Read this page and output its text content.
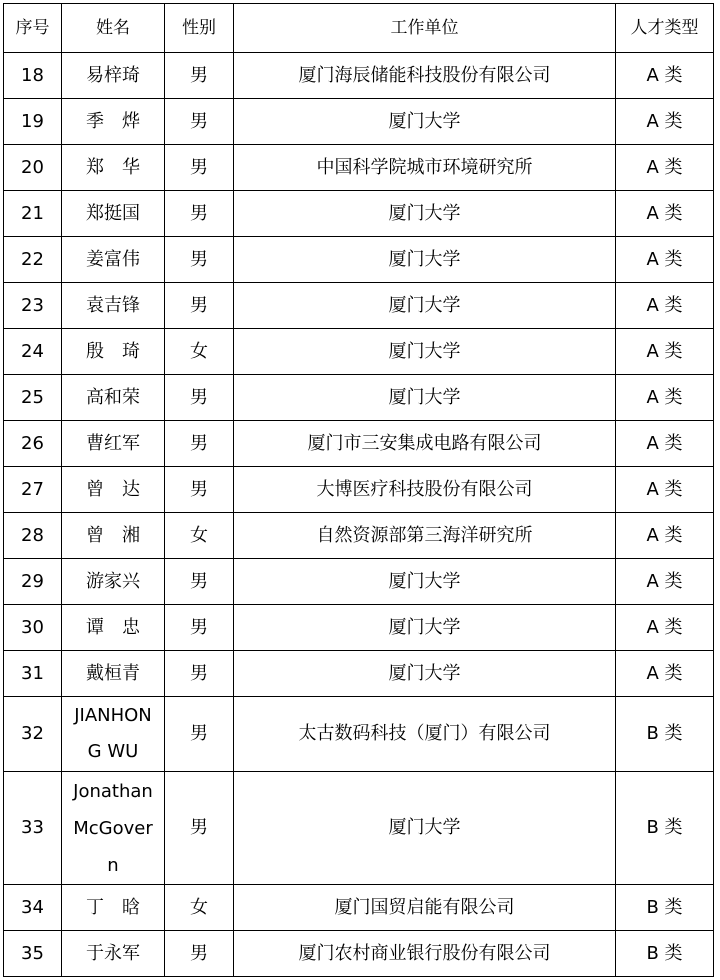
序号	姓名	性别	工作单位	人才类型
18	易梓琦	男	厦门海辰储能科技股份有限公司	A 类
19	季　烨	男	厦门大学	A 类
20	郑　华	男	中国科学院城市环境研究所	A 类
21	郑挺国	男	厦门大学	A 类
22	姜富伟	男	厦门大学	A 类
23	袁吉锋	男	厦门大学	A 类
24	殷　琦	女	厦门大学	A 类
25	高和荣	男	厦门大学	A 类
26	曹红军	男	厦门市三安集成电路有限公司	A 类
27	曾　达	男	大博医疗科技股份有限公司	A 类
28	曾　湘	女	自然资源部第三海洋研究所	A 类
29	游家兴	男	厦门大学	A 类
30	谭　忠	男	厦门大学	A 类
31	戴桓青	男	厦门大学	A 类
32	JIANHONG WU	男	太古数码科技（厦门）有限公司	B 类
33	Jonathan McGovern	男	厦门大学	B 类
34	丁　晗	女	厦门国贸启能有限公司	B 类
35	于永军	男	厦门农村商业银行股份有限公司	B 类
